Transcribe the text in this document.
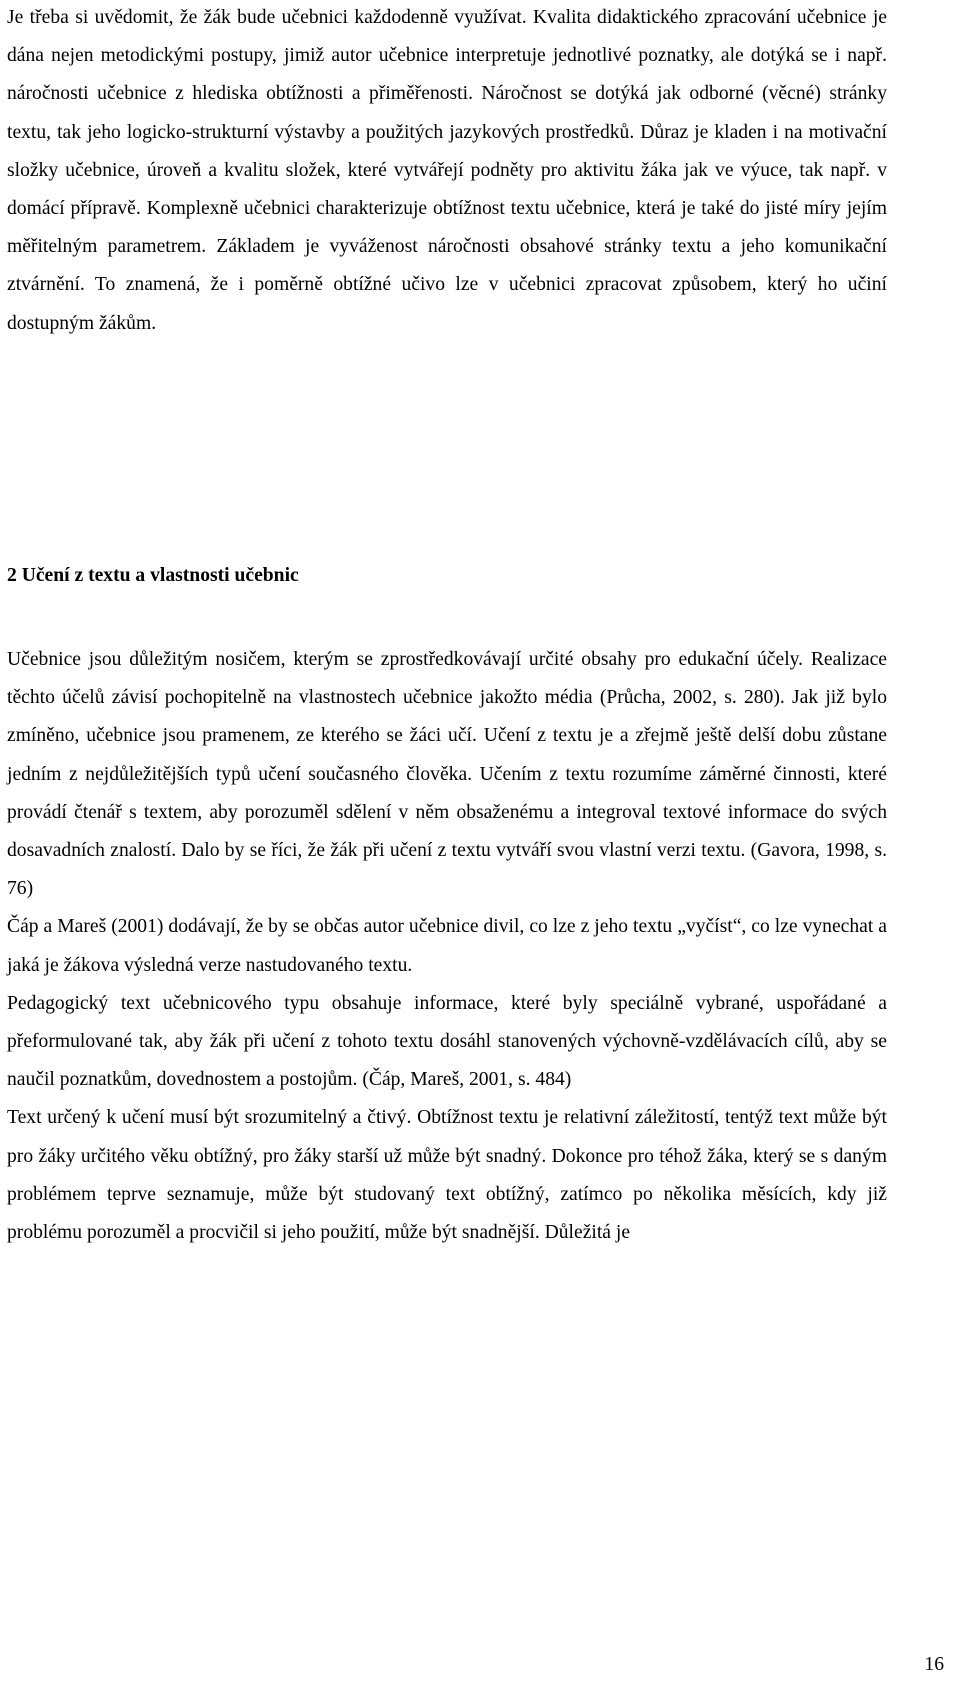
Je třeba si uvědomit, že žák bude učebnici každodenně využívat. Kvalita didaktického zpracování učebnice je dána nejen metodickými postupy, jimiž autor učebnice interpretuje jednotlivé poznatky, ale dotýká se i např. náročnosti učebnice z hlediska obtížnosti a přiměřenosti. Náročnost se dotýká jak odborné (věcné) stránky textu, tak jeho logicko-strukturní výstavby a použitých jazykových prostředků. Důraz je kladen i na motivační složky učebnice, úroveň a kvalitu složek, které vytvářejí podněty pro aktivitu žáka jak ve výuce, tak např. v domácí přípravě. Komplexně učebnici charakterizuje obtížnost textu učebnice, která je také do jisté míry jejím měřitelným parametrem. Základem je vyváženost náročnosti obsahové stránky textu a jeho komunikační ztvárnění. To znamená, že i poměrně obtížné učivo lze v učebnici zpracovat způsobem, který ho učiní dostupným žákům.

2 Učení z textu a vlastnosti učebnic

Učebnice jsou důležitým nosičem, kterým se zprostředkovávají určité obsahy pro edukační účely. Realizace těchto účelů závisí pochopitelně na vlastnostech učebnice jakožto média (Průcha, 2002, s. 280). Jak již bylo zmíněno, učebnice jsou pramenem, ze kterého se žáci učí. Učení z textu je a zřejmě ještě delší dobu zůstane jedním z nejdůležitějších typů učení současného člověka. Učením z textu rozumíme záměrné činnosti, které provádí čtenář s textem, aby porozuměl sdělení v něm obsaženému a integroval textové informace do svých dosavadních znalostí. Dalo by se říci, že žák při učení z textu vytváří svou vlastní verzi textu. (Gavora, 1998, s. 76)

Čáp a Mareš (2001) dodávají, že by se občas autor učebnice divil, co lze z jeho textu „vyčíst“, co lze vynechat a jaká je žákova výsledná verze nastudovaného textu.

Pedagogický text učebnicového typu obsahuje informace, které byly speciálně vybrané, uspořádané a přeformulované tak, aby žák při učení z tohoto textu dosáhl stanovených výchovně-vzdělávacích cílů, aby se naučil poznatkům, dovednostem a postojům. (Čáp, Mareš, 2001, s. 484)

Text určený k učení musí být srozumitelný a čtivý. Obtížnost textu je relativní záležitostí, tentýž text může být pro žáky určitého věku obtížný, pro žáky starší už může být snadný. Dokonce pro téhož žáka, který se s daným problémem teprve seznamuje, může být studovaný text obtížný, zatímco po několika měsících, kdy již problému porozuměl a procvičil si jeho použití, může být snadnější. Důležitá je

16
